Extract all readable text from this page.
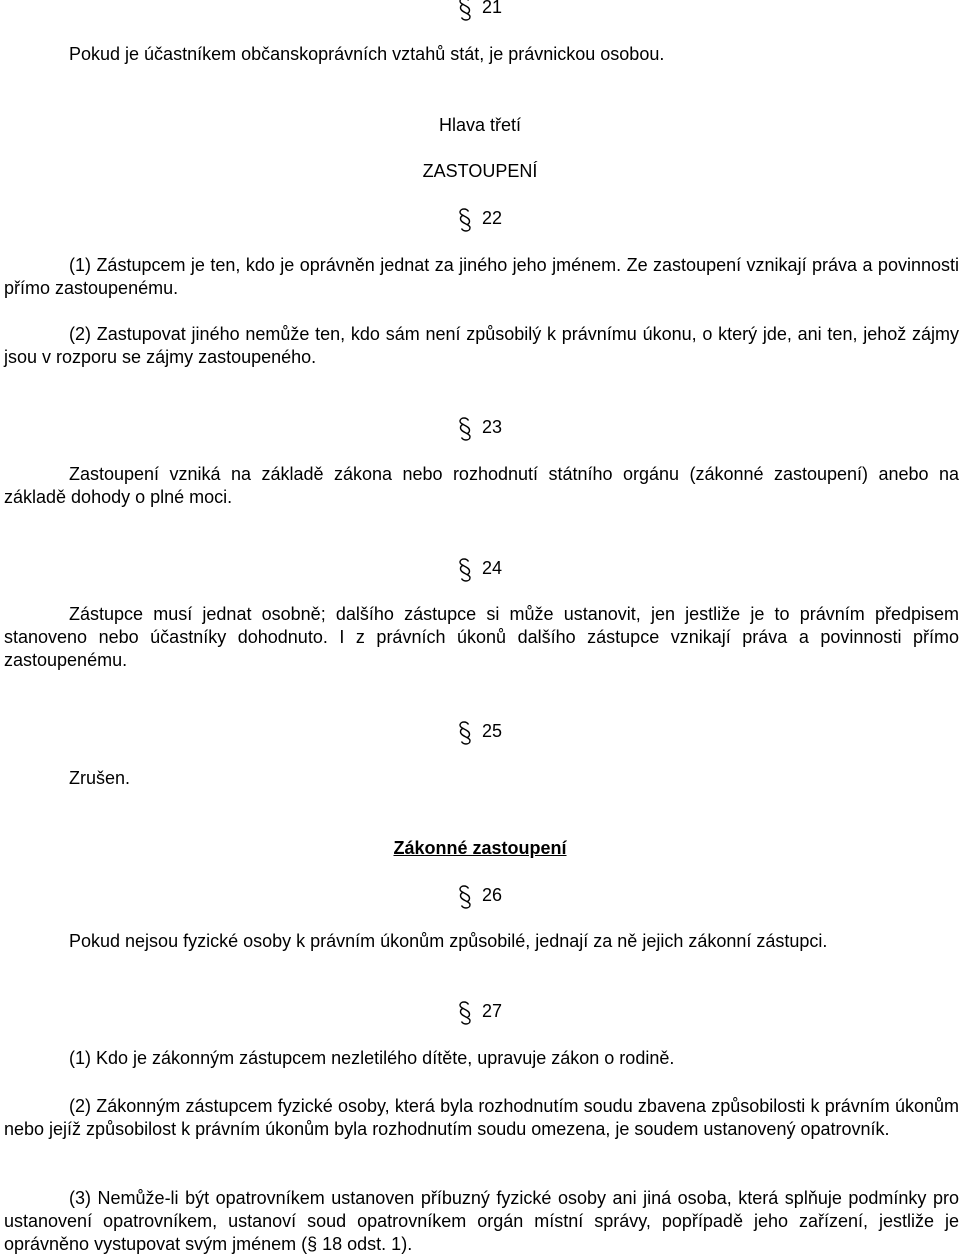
21

Pokud je účastníkem občanskoprávních vztahů stát, je právnickou osobou.

Hlava třetí
ZASTOUPENÍ
22

(1) Zástupcem je ten, kdo je oprávněn jednat za jiného jeho jménem. Ze zastoupení vznikají práva a povinnosti přímo zastoupenému.

(2) Zastupovat jiného nemůže ten, kdo sám není způsobilý k právnímu úkonu, o který jde, ani ten, jehož zájmy jsou v rozporu se zájmy zastoupeného.

23

Zastoupení vzniká na základě zákona nebo rozhodnutí státního orgánu (zákonné zastoupení) anebo na základě dohody o plné moci.

24

Zástupce musí jednat osobně; dalšího zástupce si může ustanovit, jen jestliže je to právním předpisem stanoveno nebo účastníky dohodnuto. I z právních úkonů dalšího zástupce vznikají práva a povinnosti přímo zastoupenému.

25

Zrušen.

Zákonné zastoupení
26

Pokud nejsou fyzické osoby k právním úkonům způsobilé, jednají za ně jejich zákonní zástupci.

27

(1) Kdo je zákonným zástupcem nezletilého dítěte, upravuje zákon o rodině.

(2) Zákonným zástupcem fyzické osoby, která byla rozhodnutím soudu zbavena způsobilosti k právním úkonům nebo jejíž způsobilost k právním úkonům byla rozhodnutím soudu omezena, je soudem ustanovený opatrovník.

(3) Nemůže-li být opatrovníkem ustanoven příbuzný fyzické osoby ani jiná osoba, která splňuje podmínky pro ustanovení opatrovníkem, ustanoví soud opatrovníkem orgán místní správy, popřípadě jeho zařízení, jestliže je oprávněno vystupovat svým jménem (§ 18 odst. 1).
